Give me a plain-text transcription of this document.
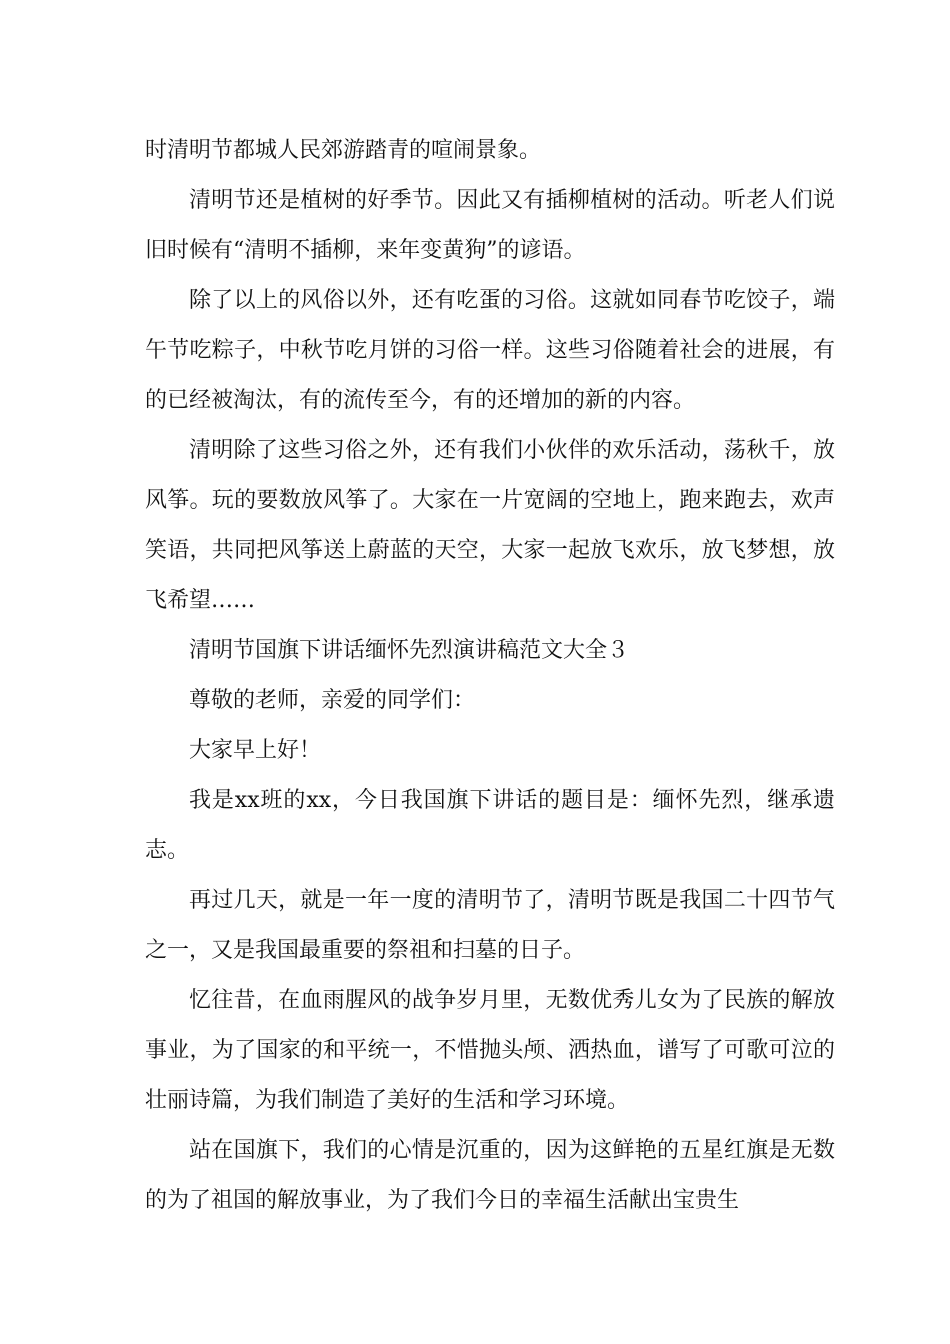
时清明节都城人民郊游踏青的喧闹景象。

清明节还是植树的好季节。因此又有插柳植树的活动。听老人们说旧时候有“清明不插柳，来年变黄狗”的谚语。

除了以上的风俗以外，还有吃蛋的习俗。这就如同春节吃饺子，端午节吃粽子，中秋节吃月饼的习俗一样。这些习俗随着社会的进展，有的已经被淘汰，有的流传至今，有的还增加的新的内容。

清明除了这些习俗之外，还有我们小伙伴的欢乐活动，荡秋千，放风筝。玩的要数放风筝了。大家在一片宽阔的空地上，跑来跑去，欢声笑语，共同把风筝送上蔚蓝的天空，大家一起放飞欢乐，放飞梦想，放飞希望……

清明节国旗下讲话缅怀先烈演讲稿范文大全３

尊敬的老师，亲爱的同学们：

大家早上好！

我是xx班的xx，今日我国旗下讲话的题目是：缅怀先烈，继承遗志。

再过几天，就是一年一度的清明节了，清明节既是我国二十四节气之一，又是我国最重要的祭祖和扫墓的日子。

忆往昔，在血雨腥风的战争岁月里，无数优秀儿女为了民族的解放事业，为了国家的和平统一，不惜抛头颅、洒热血，谱写了可歌可泣的壮丽诗篇，为我们制造了美好的生活和学习环境。

站在国旗下，我们的心情是沉重的，因为这鲜艳的五星红旗是无数的为了祖国的解放事业，为了我们今日的幸福生活献出宝贵生
